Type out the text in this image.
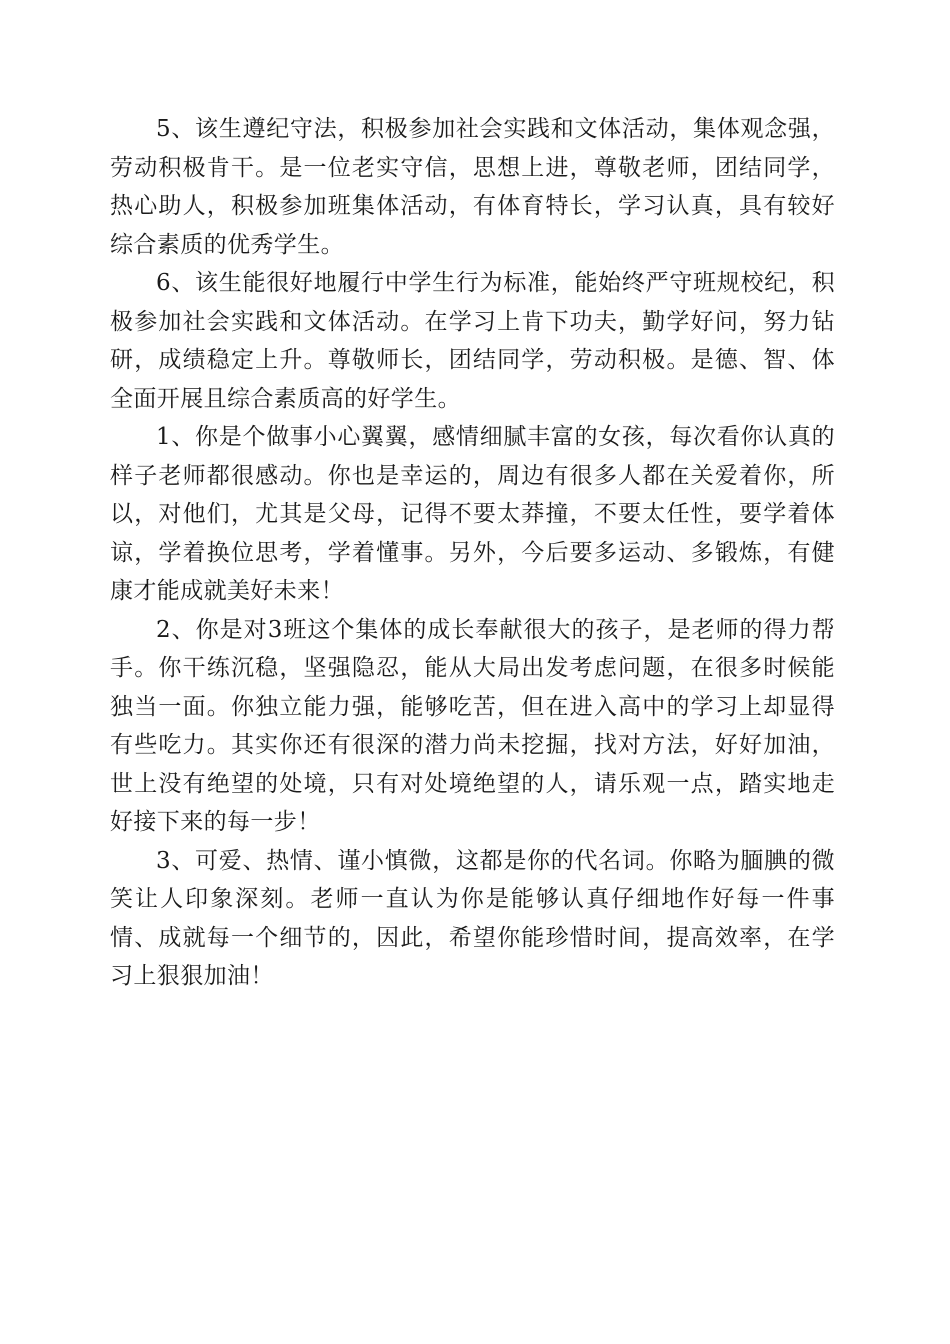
5、该生遵纪守法，积极参加社会实践和文体活动，集体观念强，劳动积极肯干。是一位老实守信，思想上进，尊敬老师，团结同学，热心助人，积极参加班集体活动，有体育特长，学习认真，具有较好综合素质的优秀学生。

6、该生能很好地履行中学生行为标准，能始终严守班规校纪，积极参加社会实践和文体活动。在学习上肯下功夫，勤学好问，努力钻研，成绩稳定上升。尊敬师长，团结同学，劳动积极。是德、智、体全面开展且综合素质高的好学生。

1、你是个做事小心翼翼，感情细腻丰富的女孩，每次看你认真的样子老师都很感动。你也是幸运的，周边有很多人都在关爱着你，所以，对他们，尤其是父母，记得不要太莽撞，不要太任性，要学着体谅，学着换位思考，学着懂事。另外，今后要多运动、多锻炼，有健康才能成就美好未来！

2、你是对3班这个集体的成长奉献很大的孩子，是老师的得力帮手。你干练沉稳，坚强隐忍，能从大局出发考虑问题，在很多时候能独当一面。你独立能力强，能够吃苦，但在进入高中的学习上却显得有些吃力。其实你还有很深的潜力尚未挖掘，找对方法，好好加油，世上没有绝望的处境，只有对处境绝望的人，请乐观一点，踏实地走好接下来的每一步！

3、可爱、热情、谨小慎微，这都是你的代名词。你略为腼腆的微笑让人印象深刻。老师一直认为你是能够认真仔细地作好每一件事情、成就每一个细节的，因此，希望你能珍惜时间，提高效率，在学习上狠狠加油！
